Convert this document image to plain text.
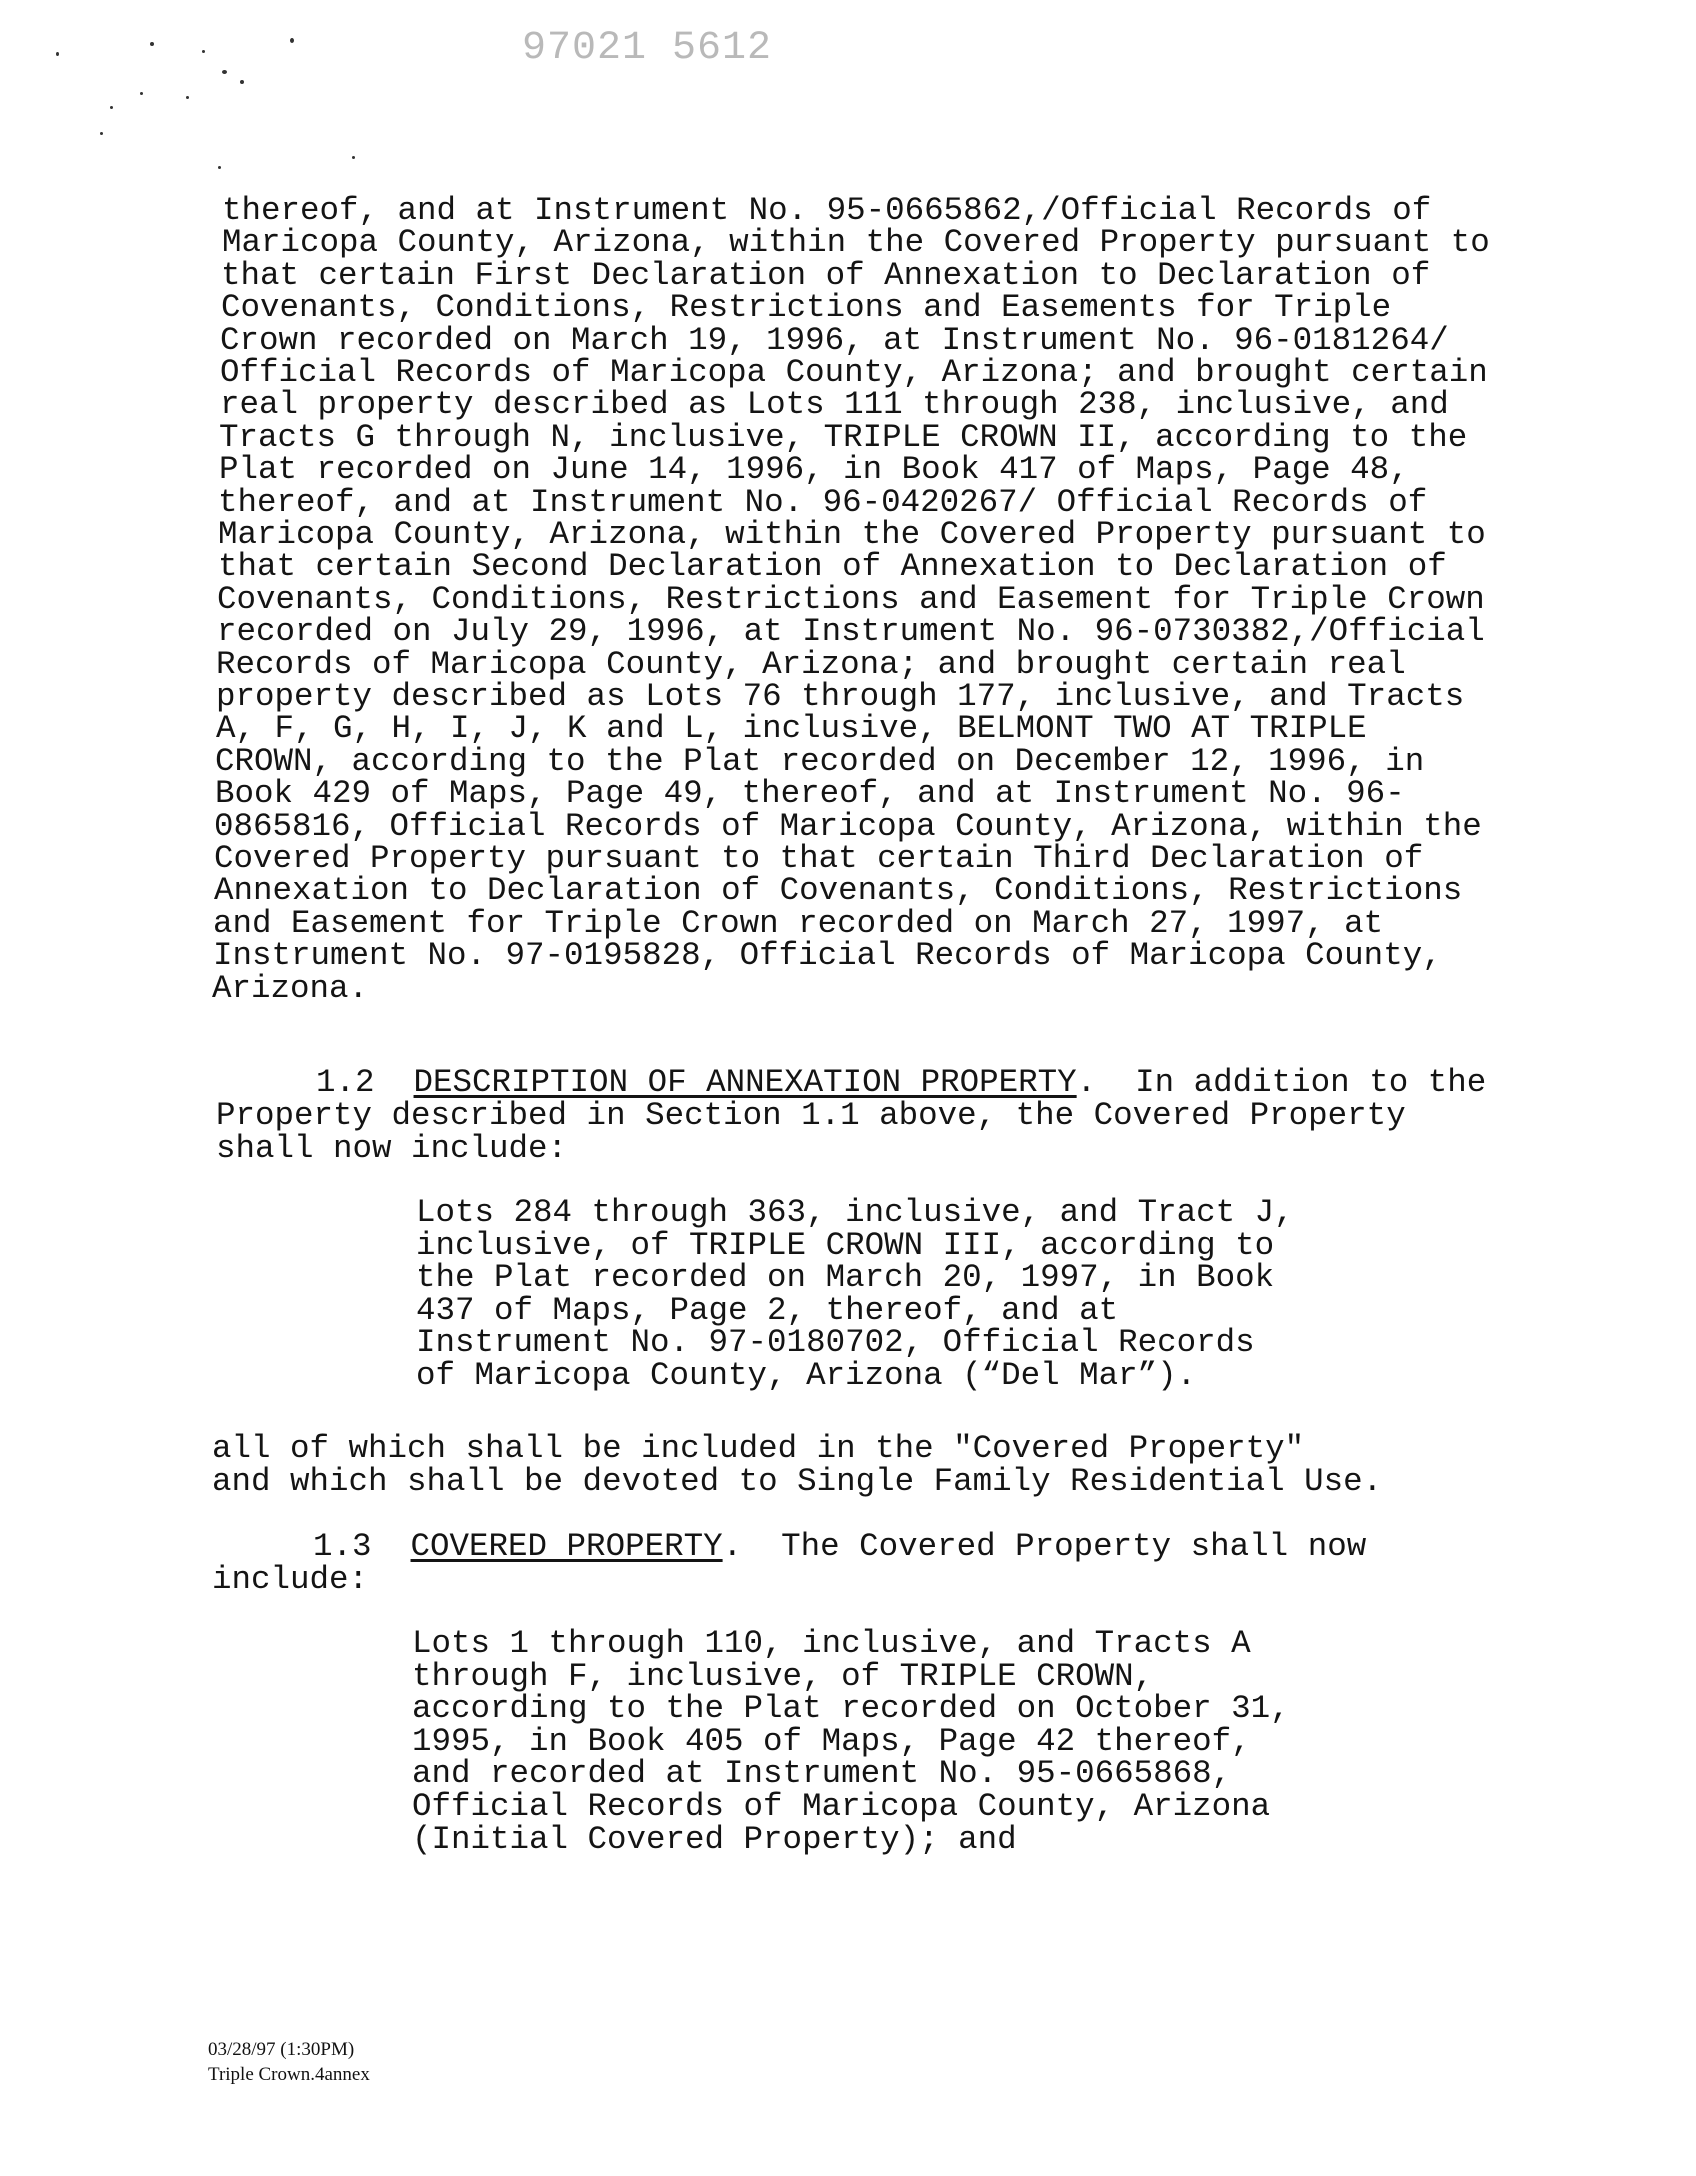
97021 5612
thereof, and at Instrument No. 95-0665862,/Official Records of
Maricopa County, Arizona, within the Covered Property pursuant to
that certain First Declaration of Annexation to Declaration of
Covenants, Conditions, Restrictions and Easements for Triple
Crown recorded on March 19, 1996, at Instrument No. 96-0181264/
Official Records of Maricopa County, Arizona; and brought certain
real property described as Lots 111 through 238, inclusive, and
Tracts G through N, inclusive, TRIPLE CROWN II, according to the
Plat recorded on June 14, 1996, in Book 417 of Maps, Page 48,
thereof, and at Instrument No. 96-0420267/ Official Records of
Maricopa County, Arizona, within the Covered Property pursuant to
that certain Second Declaration of Annexation to Declaration of
Covenants, Conditions, Restrictions and Easement for Triple Crown
recorded on July 29, 1996, at Instrument No. 96-0730382,/Official
Records of Maricopa County, Arizona; and brought certain real
property described as Lots 76 through 177, inclusive, and Tracts
A, F, G, H, I, J, K and L, inclusive, BELMONT TWO AT TRIPLE
CROWN, according to the Plat recorded on December 12, 1996, in
Book 429 of Maps, Page 49, thereof, and at Instrument No. 96-
0865816, Official Records of Maricopa County, Arizona, within the
Covered Property pursuant to that certain Third Declaration of
Annexation to Declaration of Covenants, Conditions, Restrictions
and Easement for Triple Crown recorded on March 27, 1997, at
Instrument No. 97-0195828, Official Records of Maricopa County,
Arizona.
1.2 DESCRIPTION OF ANNEXATION PROPERTY.  In addition to the
Property described in Section 1.1 above, the Covered Property
shall now include:
Lots 284 through 363, inclusive, and Tract J,
inclusive, of TRIPLE CROWN III, according to
the Plat recorded on March 20, 1997, in Book
437 of Maps, Page 2, thereof, and at
Instrument No. 97-0180702, Official Records
of Maricopa County, Arizona (“Del Mar”).
all of which shall be included in the "Covered Property"
and which shall be devoted to Single Family Residential Use.
1.3 COVERED PROPERTY.  The Covered Property shall now
include:
Lots 1 through 110, inclusive, and Tracts A
through F, inclusive, of TRIPLE CROWN,
according to the Plat recorded on October 31,
1995, in Book 405 of Maps, Page 42 thereof,
and recorded at Instrument No. 95-0665868,
Official Records of Maricopa County, Arizona
(Initial Covered Property); and
03/28/97 (1:30PM)
Triple Crown.4annex
